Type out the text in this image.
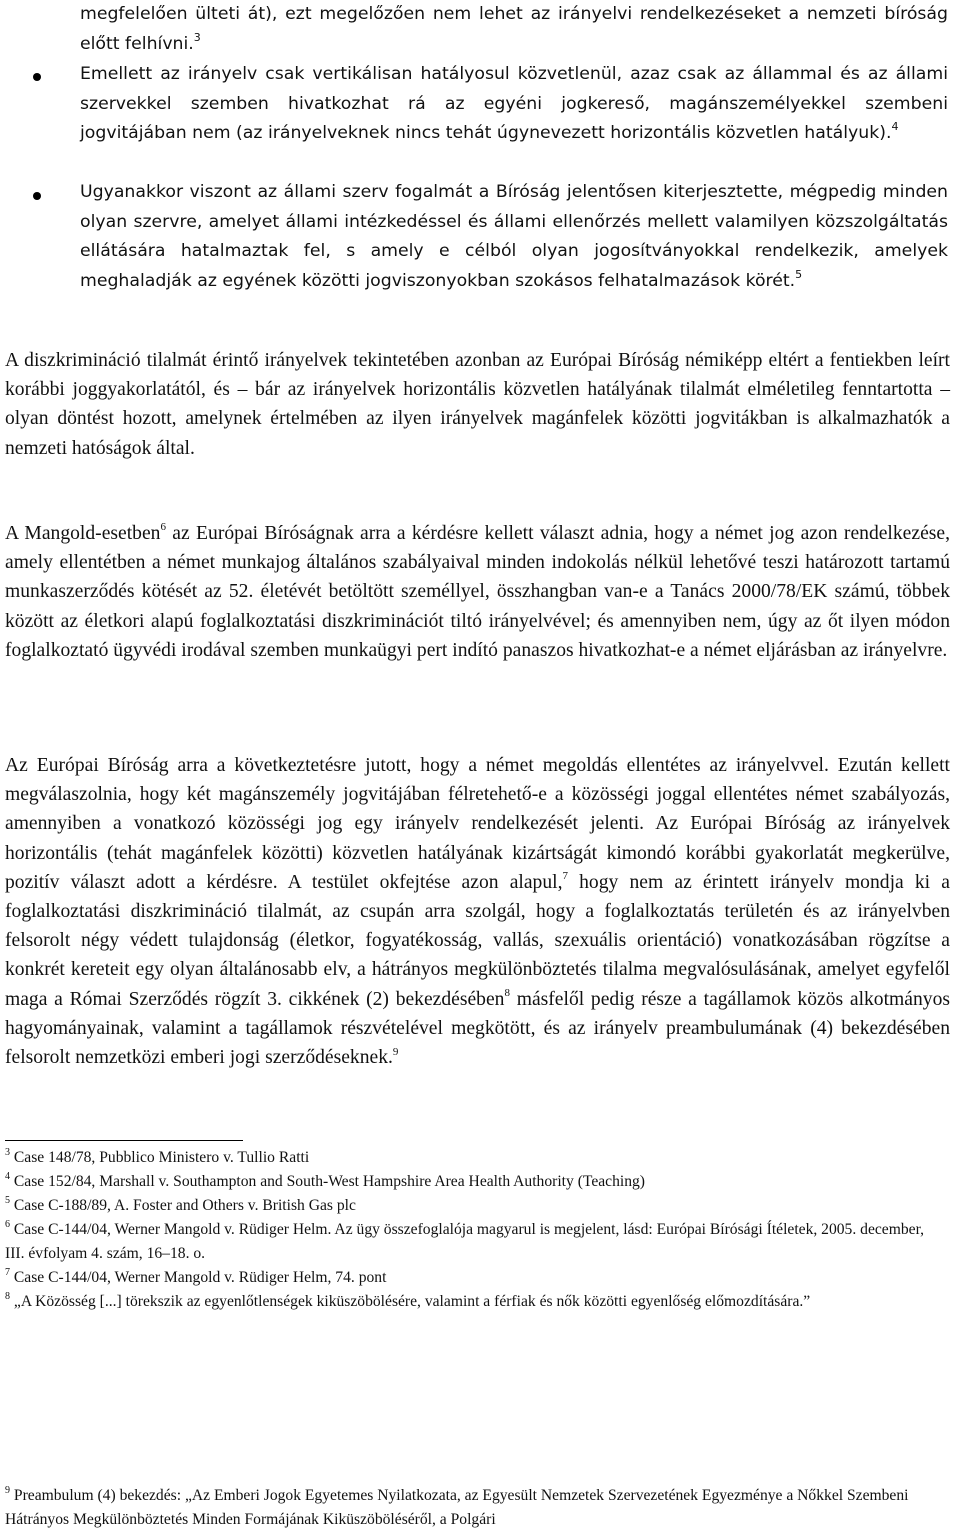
megfelelően ülteti át), ezt megelőzően nem lehet az irányelvi rendelkezéseket a nemzeti bíróság előtt felhívni.$^3$

Emellett az irányelv csak vertikálisan hatályosul közvetlenül, azaz csak az állammal és az állami szervekkel szemben hivatkozhat rá az egyéni jogkereső, magánszemélyekkel szembeni jogvitájában nem (az irányelveknek nincs tehát úgynevezett horizontális közvetlen hatályuk).$^4$

Ugyanakkor viszont az állami szerv fogalmát a Bíróság jelentősen kiterjesztette, mégpedig minden olyan szervre, amelyet állami intézkedéssel és állami ellenőrzés mellett valamilyen közszolgáltatás ellátására hatalmaztak fel, s amely e célból olyan jogosítványokkal rendelkezik, amelyek meghaladják az egyének közötti jogviszonyokban szokásos felhatalmazások körét.$^5$

A diszkrimináció tilalmát érintő irányelvek tekintetében azonban az Európai Bíróság némiképp eltért a fentiekben leírt korábbi joggyakorlatától, és – bár az irányelvek horizontális közvetlen hatályának tilalmát elméletileg fenntartotta – olyan döntést hozott, amelynek értelmében az ilyen irányelvek magánfelek közötti jogvitákban is alkalmazhatók a nemzeti hatóságok által.

A Mangold-esetben$^6$ az Európai Bíróságnak arra a kérdésre kellett választ adnia, hogy a német jog azon rendelkezése, amely ellentétben a német munkajog általános szabályaival minden indokolás nélkül lehetővé teszi határozott tartamú munkaszerződés kötését az 52. életévét betöltött személlyel, összhangban van-e a Tanács 2000/78/EK számú, többek között az életkori alapú foglalkoztatási diszkriminációt tiltó irányelvével; és amennyiben nem, úgy az őt ilyen módon foglalkoztató ügyvédi irodával szemben munkaügyi pert indító panaszos hivatkozhat-e a német eljárásban az irányelvre.

Az Európai Bíróság arra a következtetésre jutott, hogy a német megoldás ellentétes az irányelvvel. Ezután kellett megválaszolnia, hogy két magánszemély jogvitájában félretehető-e a közösségi joggal ellentétes német szabályozás, amennyiben a vonatkozó közösségi jog egy irányelv rendelkezését jelenti. Az Európai Bíróság az irányelvek horizontális (tehát magánfelek közötti) közvetlen hatályának kizártságát kimondó korábbi gyakorlatát megkerülve, pozitív választ adott a kérdésre. A testület okfejtése azon alapul,$^7$ hogy nem az érintett irányelv mondja ki a foglalkoztatási diszkrimináció tilalmát, az csupán arra szolgál, hogy a foglalkoztatás területén és az irányelvben felsorolt négy védett tulajdonság (életkor, fogyatékosság, vallás, szexuális orientáció) vonatkozásában rögzítse a konkrét kereteit egy olyan általánosabb elv, a hátrányos megkülönböztetés tilalma megvalósulásának, amelyet egyfelől maga a Római Szerződés rögzít 3. cikkének (2) bekezdésében$^8$ másfelől pedig része a tagállamok közös alkotmányos hagyományainak, valamint a tagállamok részvételével megkötött, és az irányelv preambulumának (4) bekezdésében felsorolt nemzetközi emberi jogi szerződéseknek.$^9$

$^3$ Case 148/78, Pubblico Ministero v. Tullio Ratti

$^4$ Case 152/84, Marshall v. Southampton and South-West Hampshire Area Health Authority (Teaching)

$^5$ Case C-188/89, A. Foster and Others v. British Gas plc

$^6$ Case C-144/04, Werner Mangold v. Rüdiger Helm. Az ügy összefoglalója magyarul is megjelent, lásd: Európai Bírósági Ítéletek, 2005. december, III. évfolyam 4. szám, 16–18. o.

$^7$ Case C-144/04, Werner Mangold v. Rüdiger Helm, 74. pont

$^8$ „A Közösség [...] törekszik az egyenlőtlenségek kiküszöbölésére, valamint a férfiak és nők közötti egyenlőség előmozdítására.”

$^9$ Preambulum (4) bekezdés: „Az Emberi Jogok Egyetemes Nyilatkozata, az Egyesült Nemzetek Szervezetének Egyezménye a Nőkkel Szembeni Hátrányos Megkülönböztetés Minden Formájának Kiküszöböléséről, a Polgári
